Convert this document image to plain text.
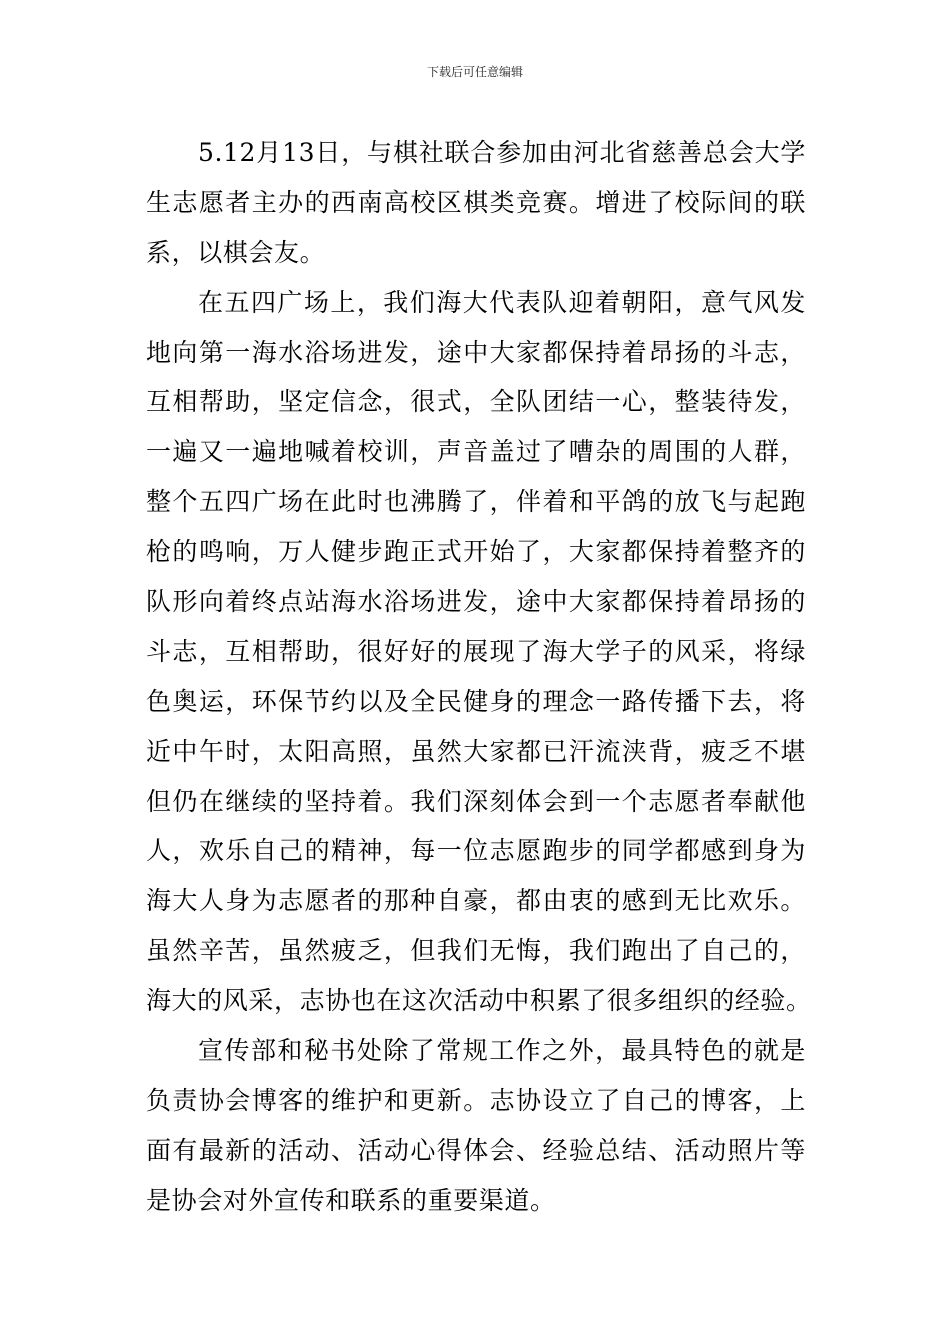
下载后可任意编辑
5.12月13日，与棋社联合参加由河北省慈善总会大学
生志愿者主办的西南高校区棋类竞赛。增进了校际间的联
系，以棋会友。
在五四广场上，我们海大代表队迎着朝阳，意气风发
地向第一海水浴场进发，途中大家都保持着昂扬的斗志，
互相帮助，坚定信念，很式，全队团结一心，整装待发，
一遍又一遍地喊着校训，声音盖过了嘈杂的周围的人群，
整个五四广场在此时也沸腾了，伴着和平鸽的放飞与起跑
枪的鸣响，万人健步跑正式开始了，大家都保持着整齐的
队形向着终点站海水浴场进发，途中大家都保持着昂扬的
斗志，互相帮助，很好好的展现了海大学子的风采，将绿
色奥运，环保节约以及全民健身的理念一路传播下去，将
近中午时，太阳高照，虽然大家都已汗流浃背，疲乏不堪
但仍在继续的坚持着。我们深刻体会到一个志愿者奉献他
人，欢乐自己的精神，每一位志愿跑步的同学都感到身为
海大人身为志愿者的那种自豪，都由衷的感到无比欢乐。
虽然辛苦，虽然疲乏，但我们无悔，我们跑出了自己的，
海大的风采，志协也在这次活动中积累了很多组织的经验。
宣传部和秘书处除了常规工作之外，最具特色的就是
负责协会博客的维护和更新。志协设立了自己的博客，上
面有最新的活动、活动心得体会、经验总结、活动照片等
是协会对外宣传和联系的重要渠道。
